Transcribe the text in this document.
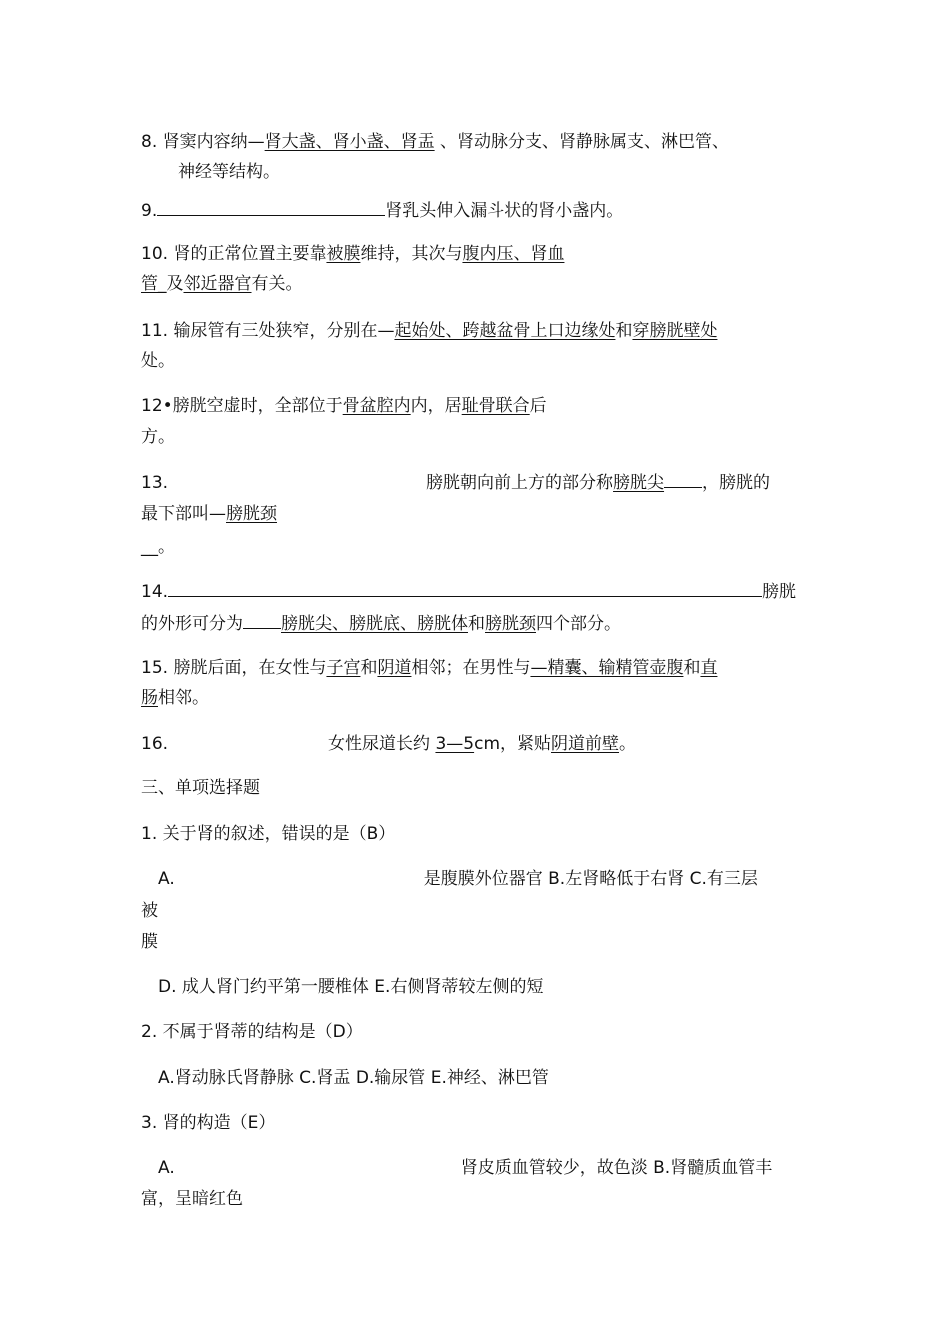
8. 肾窦内容纳—肾大盏、肾小盏、肾盂 、肾动脉分支、肾静脉属支、淋巴管、
神经等结构。
9.	肾乳头伸入漏斗状的肾小盏内。
10. 肾的正常位置主要靠被膜维持，其次与腹内压、肾血
管_及邻近器官有关。
11. 输尿管有三处狭窄，分别在—起始处、跨越盆骨上口边缘处和穿膀胱壁处
处。
12•膀胱空虚时，全部位于骨盆腔内内，居耻骨联合后
方。
13.	膀胱朝向前上方的部分称膀胱尖 ，膀胱的
最下部叫—膀胱颈
__。
14.	膀胱
的外形可分为 膀胱尖、膀胱底、膀胱体和膀胱颈四个部分。
15. 膀胱后面，在女性与子宫和阴道相邻；在男性与—精囊、输精管壶腹和直
肠相邻。
16.	女性尿道长约 3—5cm，紧贴阴道前壁。
三、单项选择题
1. 关于肾的叙述，错误的是（B）
A.	是腹膜外位器官 B.左肾略低于右肾 C.有三层
被
膜
D. 成人肾门约平第一腰椎体 E.右侧肾蒂较左侧的短
2. 不属于肾蒂的结构是（D）
A.肾动脉氏肾静脉 C.肾盂 D.输尿管 E.神经、淋巴管
3. 肾的构造（E）
A.	肾皮质血管较少，故色淡 B.肾髓质血管丰
富，呈暗红色
